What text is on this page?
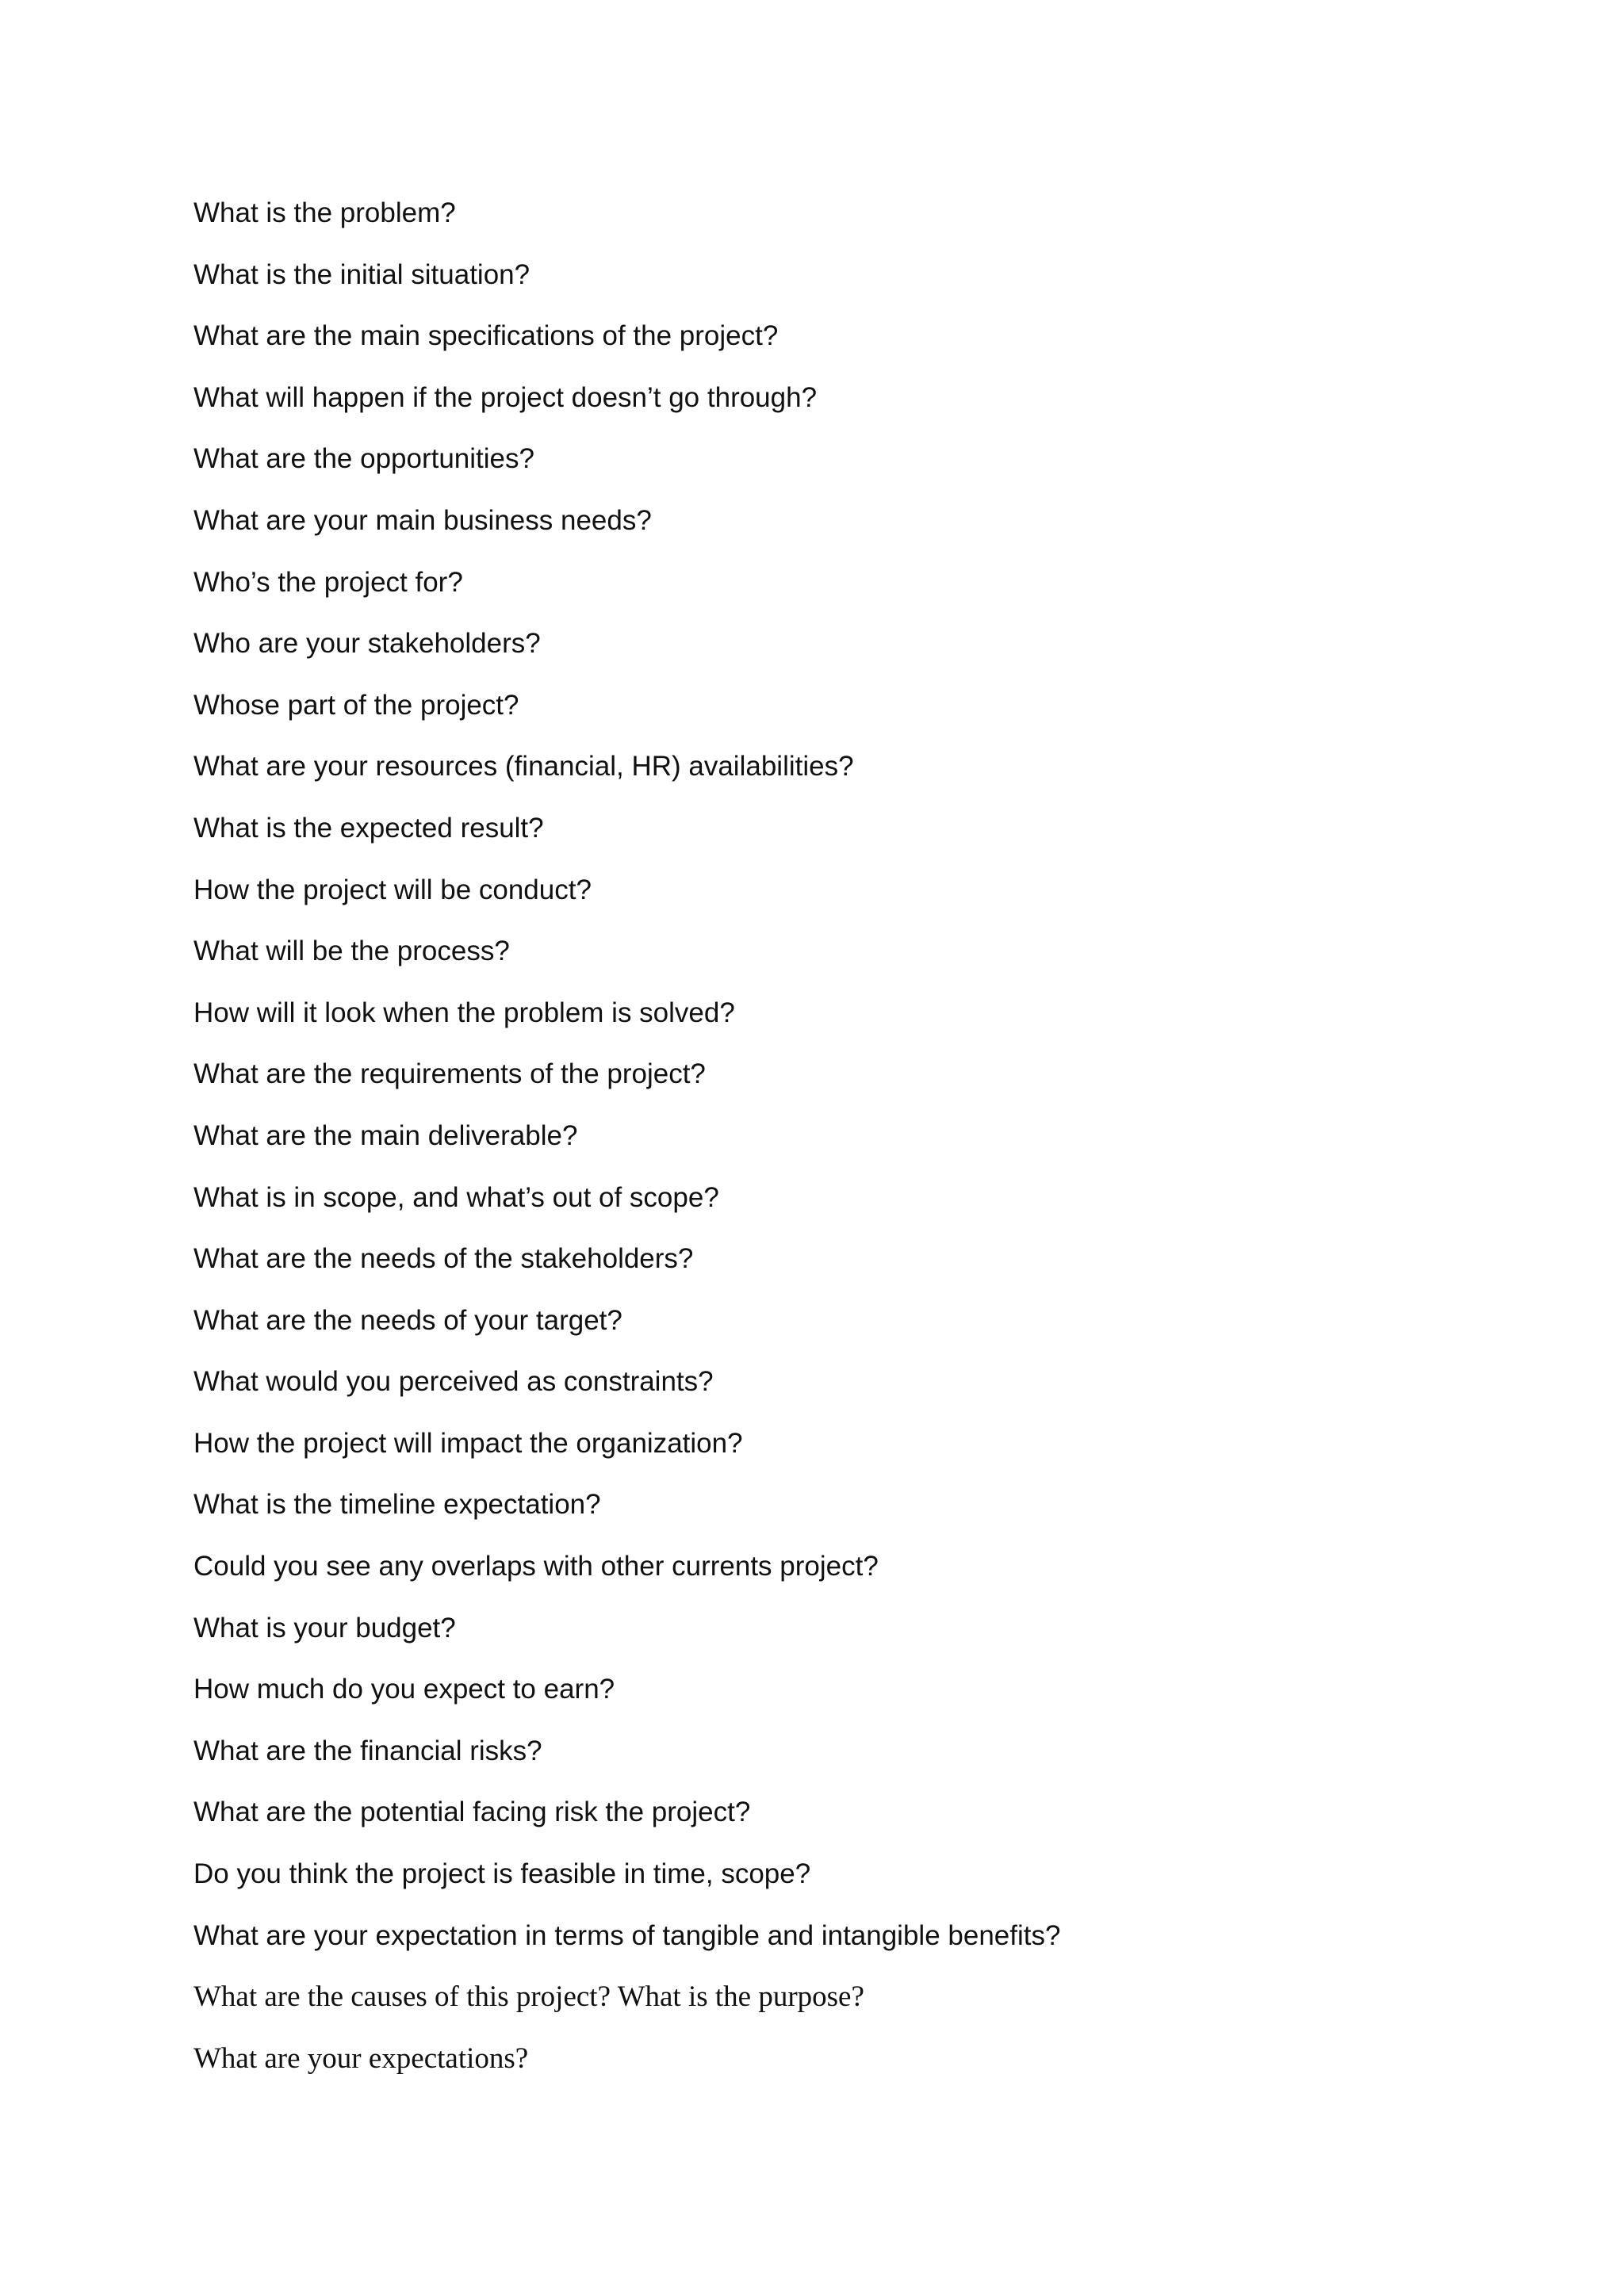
What is the problem?
What is the initial situation?
What are the main specifications of the project?
What will happen if the project doesn’t go through?
What are the opportunities?
What are your main business needs?
Who’s the project for?
Who are your stakeholders?
Whose part of the project?
What are your resources (financial, HR) availabilities?
What is the expected result?
How the project will be conduct?
What will be the process?
How will it look when the problem is solved?
What are the requirements of the project?
What are the main deliverable?
What is in scope, and what’s out of scope?
What are the needs of the stakeholders?
What are the needs of your target?
What would you perceived as constraints?
How the project will impact the organization?
What is the timeline expectation?
Could you see any overlaps with other currents project?
What is your budget?
How much do you expect to earn?
What are the financial risks?
What are the potential facing risk the project?
Do you think the project is feasible in time, scope?
What are your expectation in terms of tangible and intangible benefits?
What are the causes of this project? What is the purpose?
What are your expectations?
